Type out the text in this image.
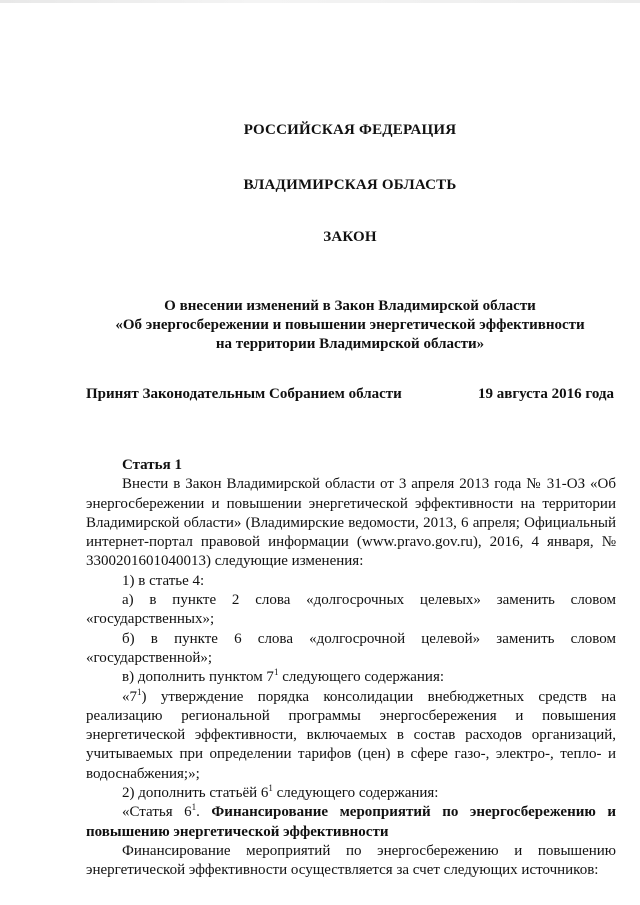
РОССИЙСКАЯ ФЕДЕРАЦИЯ
ВЛАДИМИРСКАЯ ОБЛАСТЬ
ЗАКОН
О внесении изменений в Закон Владимирской области
«Об энергосбережении и повышении энергетической эффективности
на территории Владимирской области»
Принят Законодательным Собранием области	19 августа 2016 года

Статья 1

Внести в Закон Владимирской области от 3 апреля 2013 года № 31-ОЗ «Об энергосбережении и повышении энергетической эффективности на территории Владимирской области» (Владимирские ведомости, 2013, 6 апреля; Официальный интернет-портал правовой информации (www.pravo.gov.ru), 2016, 4 января, № 3300201601040013) следующие изменения:

1) в статье 4:

а) в пункте 2 слова «долгосрочных целевых» заменить словом «государственных»;

б) в пункте 6 слова «долгосрочной целевой» заменить словом «государственной»;

в) дополнить пунктом $7^1$ следующего содержания:

«$7^1$) утверждение порядка консолидации внебюджетных средств на реализацию региональной программы энергосбережения и повышения энергетической эффективности, включаемых в состав расходов организаций, учитываемых при определении тарифов (цен) в сфере газо-, электро-, тепло- и водоснабжения;»;

2) дополнить статьёй $6^1$ следующего содержания:

«Статья $6^1$. Финансирование мероприятий по энергосбережению и повышению энергетической эффективности

Финансирование мероприятий по энергосбережению и повышению энергетической эффективности осуществляется за счет следующих источников:
